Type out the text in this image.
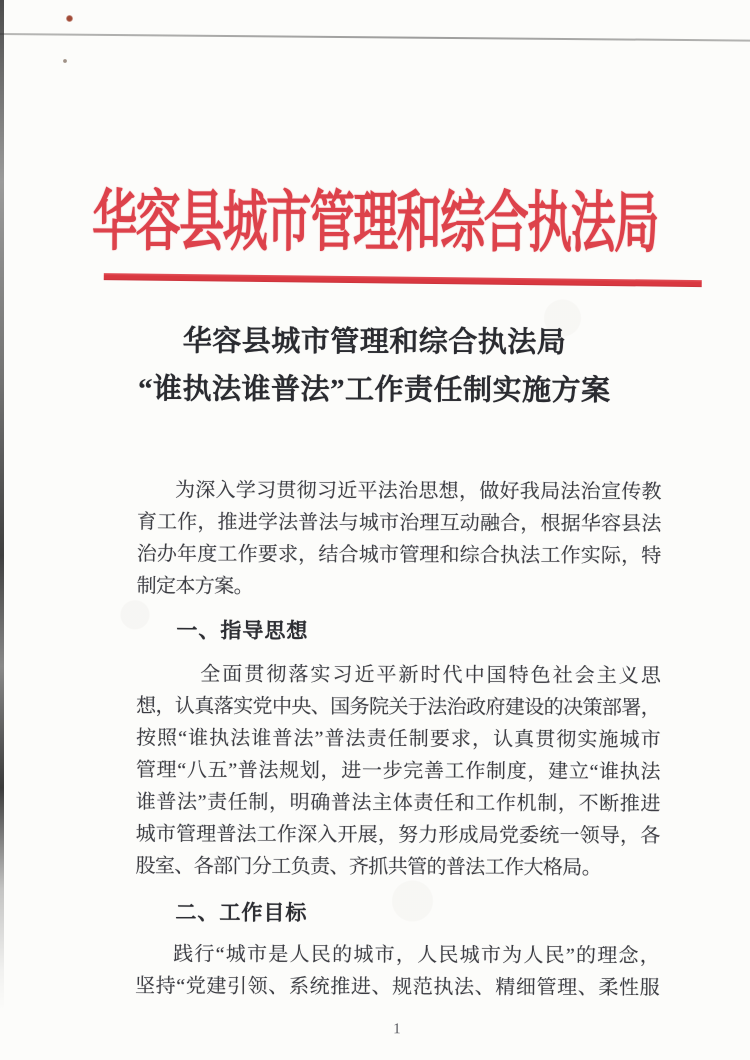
华容县城市管理和综合执法局
华容县城市管理和综合执法局
“谁执法谁普法”工作责任制实施方案
为深入学习贯彻习近平法治思想，做好我局法治宣传教
育工作，推进学法普法与城市治理互动融合，根据华容县法
治办年度工作要求，结合城市管理和综合执法工作实际，特
制定本方案。
一、指导思想
全面贯彻落实习近平新时代中国特色社会主义思
想，认真落实党中央、国务院关于法治政府建设的决策部署，
按照“谁执法谁普法”普法责任制要求，认真贯彻实施城市
管理“八五”普法规划，进一步完善工作制度，建立“谁执法
谁普法”责任制，明确普法主体责任和工作机制，不断推进
城市管理普法工作深入开展，努力形成局党委统一领导，各
股室、各部门分工负责、齐抓共管的普法工作大格局。
二、工作目标
践行“城市是人民的城市，人民城市为人民”的理念，
坚持“党建引领、系统推进、规范执法、精细管理、柔性服
1
